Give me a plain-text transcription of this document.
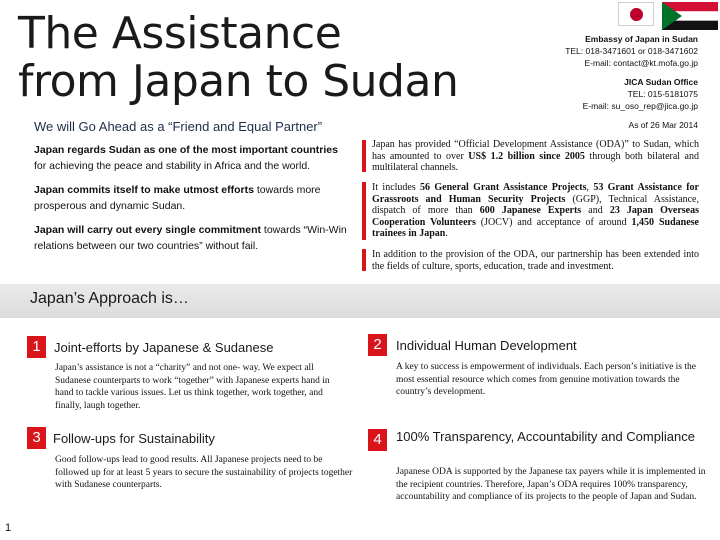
The Assistance
from Japan to Sudan
We will Go Ahead as a “Friend and Equal Partner”
Embassy of Japan in Sudan
TEL: 018-3471601 or 018-3471602
E-mail: contact@kt.mofa.go.jp
JICA Sudan Office
TEL: 015-5181075
E-mail: su_oso_rep@jica.go.jp
As of 26 Mar 2014

Japan regards Sudan as one of the most important countries for achieving the peace and stability in Africa and the world.

Japan commits itself to make utmost efforts towards more prosperous and dynamic Sudan.

Japan will carry out every single commitment towards “Win-Win relations between our two countries” without fail.

Japan has provided “Official Development Assistance (ODA)” to Sudan, which has amounted to over US$ 1.2 billion since 2005 through both bilateral and multilateral channels.

It includes 56 General Grant Assistance Projects, 53 Grant Assistance for Grassroots and Human Security Projects (GGP), Technical Assistance, dispatch of more than 600 Japanese Experts and 23 Japan Overseas Cooperation Volunteers (JOCV) and acceptance of around 1,450 Sudanese trainees in Japan.

In addition to the provision of the ODA, our partnership has been extended into the fields of culture, sports, education, trade and investment.

Japan’s Approach is…
1	Joint-efforts by Japanese & Sudanese
Japan’s assistance is not a “charity” and not one- way. We expect all Sudanese counterparts to work “together” with Japanese experts hand in hand to tackle various issues. Let us think together, work together, and finally, laugh together.
2	Individual Human Development
A key to success is empowerment of individuals. Each person’s initiative is the most essential resource which comes from genuine motivation towards the country’s development.
3 Follow-ups for Sustainability
Good follow-ups lead to good results. All Japanese projects need to be followed up for at least 5 years to secure the sustainability of projects together with Sudanese counterparts.
4	100% Transparency, Accountability and Compliance
Japanese ODA is supported by the Japanese tax payers while it is implemented in the recipient countries. Therefore, Japan’s ODA requires 100% transparency, accountability and compliance of its projects to the people of Japan and Sudan.
1
